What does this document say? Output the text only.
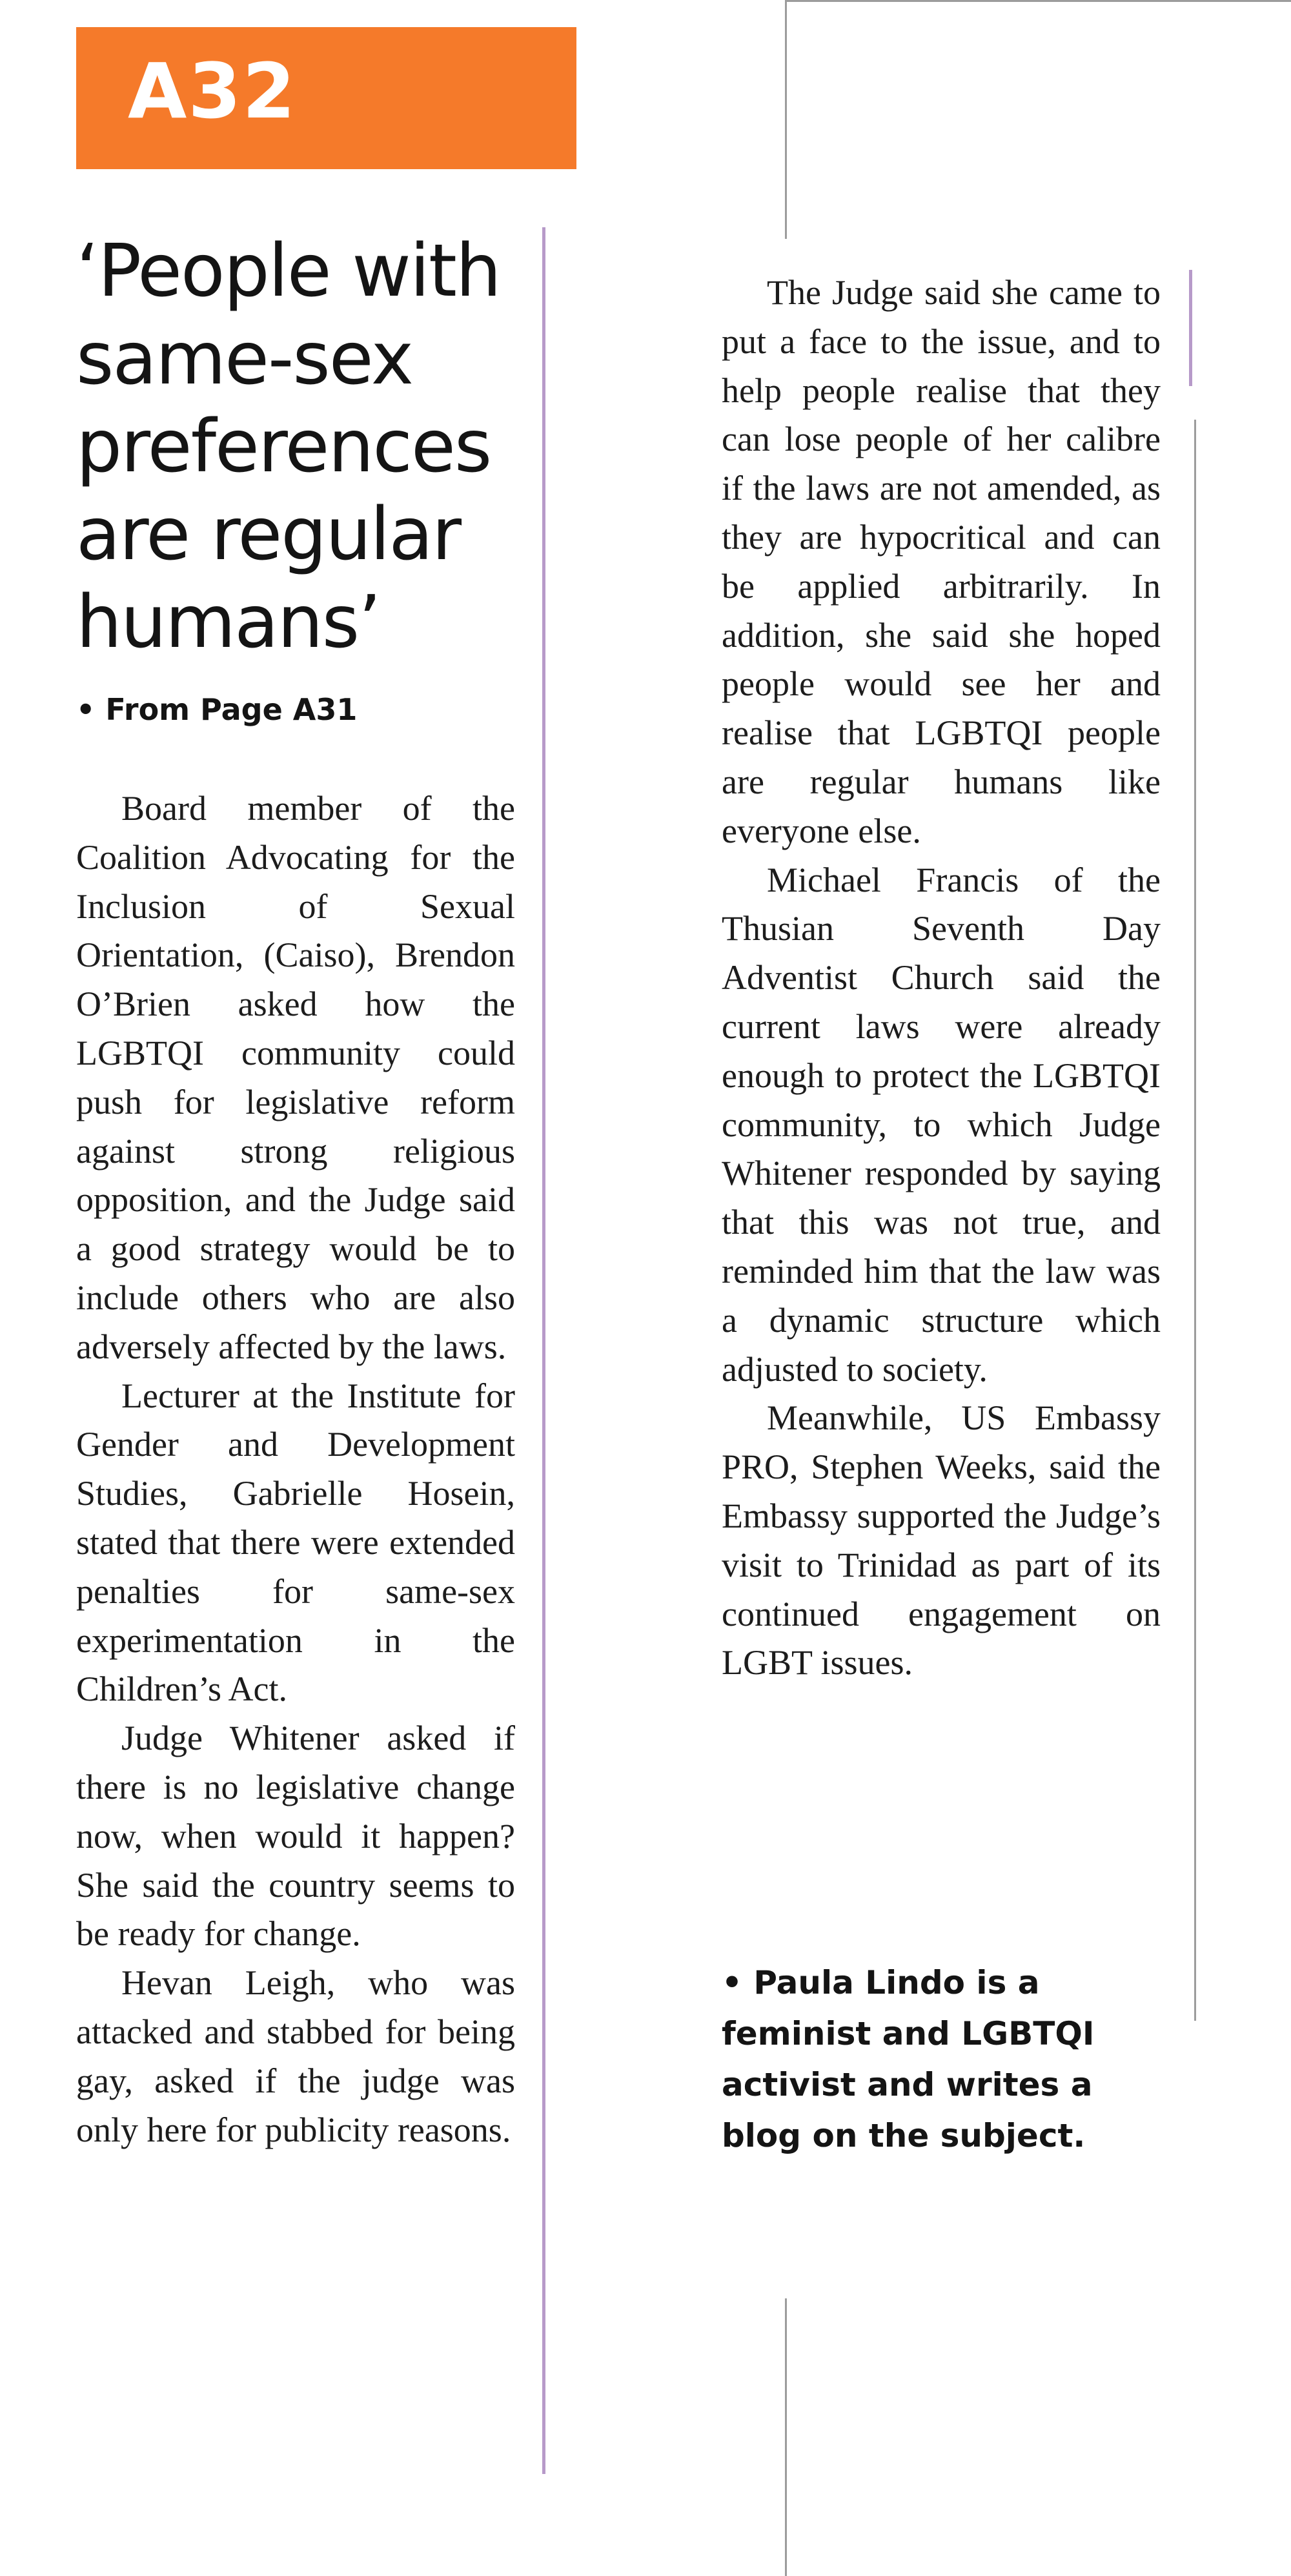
A32
‘People with same-sex preferences are regular humans’
• From Page A31

Board member of the Coalition Advocating for the Inclusion of Sexual Orientation, (Caiso), Brendon O’Brien asked how the LGBTQI community could push for legislative reform against strong religious opposition, and the Judge said a good strategy would be to include others who are also adversely affected by the laws.

Lecturer at the Institute for Gender and Development Studies, Gabrielle Hosein, stated that there were extended penalties for same-sex experimentation in the Children’s Act.

Judge Whitener asked if there is no legislative change now, when would it happen? She said the country seems to be ready for change.

Hevan Leigh, who was attacked and stabbed for being gay, asked if the judge was only here for publicity reasons.

The Judge said she came to put a face to the issue, and to help people realise that they can lose people of her calibre if the laws are not amended, as they are hypocritical and can be applied arbitrarily. In addition, she said she hoped people would see her and realise that LGBTQI people are regular humans like everyone else.

Michael Francis of the Thusian Seventh Day Adventist Church said the current laws were already enough to protect the LGBTQI community, to which Judge Whitener responded by saying that this was not true, and reminded him that the law was a dynamic structure which adjusted to society.

Meanwhile, US Embassy PRO, Stephen Weeks, said the Embassy supported the Judge’s visit to Trinidad as part of its continued engagement on LGBT issues.

• Paula Lindo is a feminist and LGBTQI activist and writes a blog on the subject.
